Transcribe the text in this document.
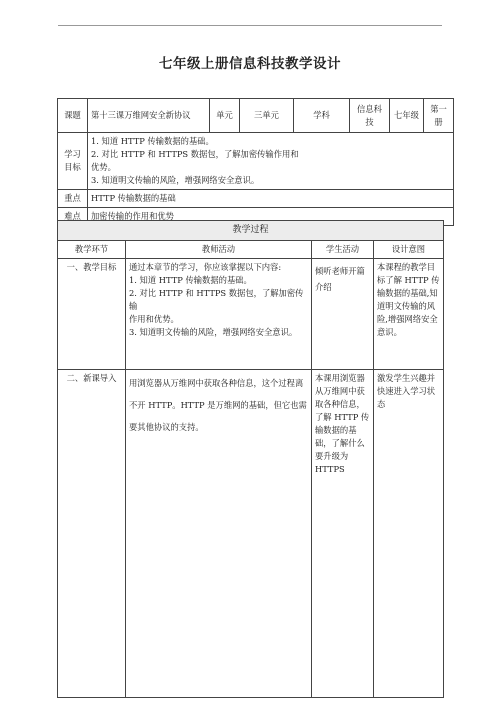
七年级上册信息科技教学设计
课题	第十三课万维网安全新协议	单元	三单元	学科	信息科技	七年级	第一册
学习目标	1. 知道 HTTP 传输数据的基础。

2. 对比 HTTP 和 HTTPS 数据包，了解加密传输作用和优势。

3. 知道明文传输的风险，增强网络安全意识。						

重点	HTTP 传输数据的基础						
难点	加密传输的作用和优势						
教学过程			
教学环节	教师活动	学生活动	设计意图
一、教学目标	通过本章节的学习，你应该掌握以下内容:
1. 知道 HTTP 传输数据的基础。
2. 对比 HTTP 和 HTTPS 数据包，了解加密传输
作用和优势。
3. 知道明文传输的风险，增强网络安全意识。	倾听老师开篇介绍	本课程的教学目标了解 HTTP 传输数据的基础,知道明文传输的风险,增强网络安全意识。
二、新课导入	用浏览器从万维网中获取各种信息，这个过程离不开 HTTP。HTTP 是万维网的基础，但它也需要其他协议的支持。	本课用浏览器从万维网中获取各种信息，了解 HTTP 传输数据的基础，了解什么要升级为 HTTPS	激发学生兴趣并快速进入学习状态
